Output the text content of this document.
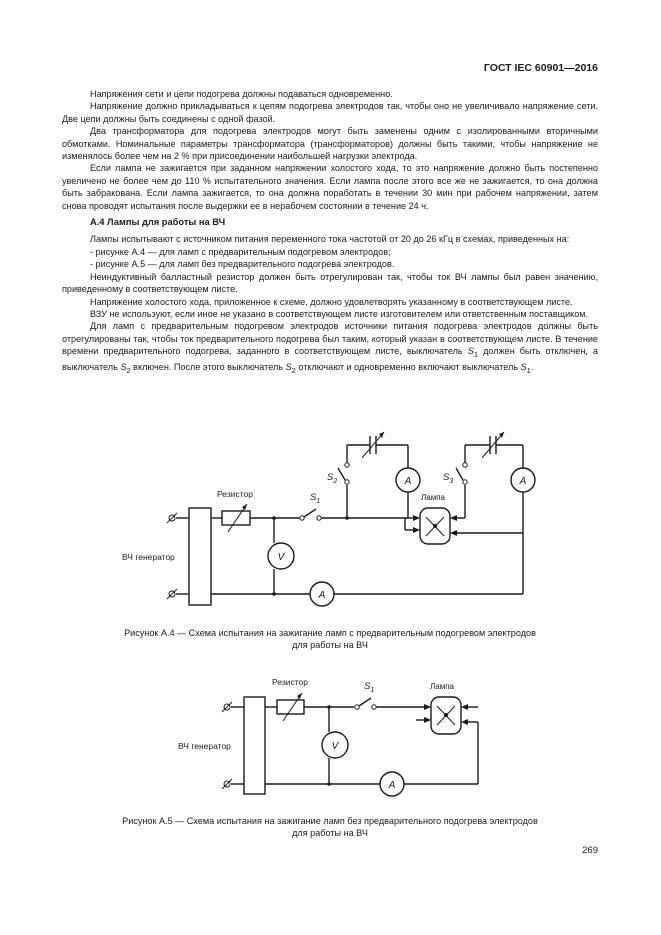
ГОСТ IEC 60901—2016

Напряжения сети и цепи подогрева должны подаваться одновременно.

Напряжение должно прикладываться к цепям подогрева электродов так, чтобы оно не увеличивало напряжение сети. Две цепи должны быть соединены с одной фазой.

Два трансформатора для подогрева электродов могут быть заменены одним с изолированными вторичными обмотками. Номинальные параметры трансформатора (трансформаторов) должны быть такими, чтобы напряжение не изменялось более чем на 2 % при присоединении наибольшей нагрузки электрода.

Если лампа не зажигается при заданном напряжении холостого хода, то это напряжение должно быть постепенно увеличено не более чем до 110 % испытательного значения. Если лампа после этого все же не зажигается, то она должна быть забракована. Если лампа зажигается, то она должна поработать в течении 30 мин при рабочем напряжении, затем снова проводят испытания после выдержки ее в нерабочем состоянии в течение 24 ч.

А.4 Лампы для работы на ВЧ

Лампы испытывают с источником питания переменного тока частотой от 20 до 26 кГц в схемах, приведенных на:

- рисунке А.4 — для ламп с предварительным подогревом электродов;

- рисунке А.5 — для ламп без предварительного подогрева электродов.

Неиндуктивный балластный резистор должен быть отрегулирован так, чтобы ток ВЧ лампы был равен значению, приведенному в соответствующем листе.

Напряжение холостого хода, приложенное к схеме, должно удовлетворять указанному в соответствующем листе.

ВЗУ не используют, если иное не указано в соответствующем листе изготовителем или ответственным поставщиком.

Для ламп с предварительным подогревом электродов источники питания подогрева электродов должны быть отрегулированы так, чтобы ток предварительного подогрева был таким, который указан в соответствующем листе. В течение времени предварительного подогрева, заданного в соответствующем листе, выключатель $S_1$ должен быть отключен, а выключатель $S_2$ включен. После этого выключатель $S_2$ отключают и одновременно включают выключатель $S_1$.

ВЧ генератор
Резистор
V
$S_1$
A
Лампа
$S_2$	A	$S_3$	A
Рисунок А.4 — Схема испытания на зажигание ламп с предварительным подогревом электродов
для работы на ВЧ
ВЧ генератор
Резистор
V
$S_1$
A
Лампа
Рисунок А.5 — Схема испытания на зажигание ламп без предварительного подогрева электродов
для работы на ВЧ
269
